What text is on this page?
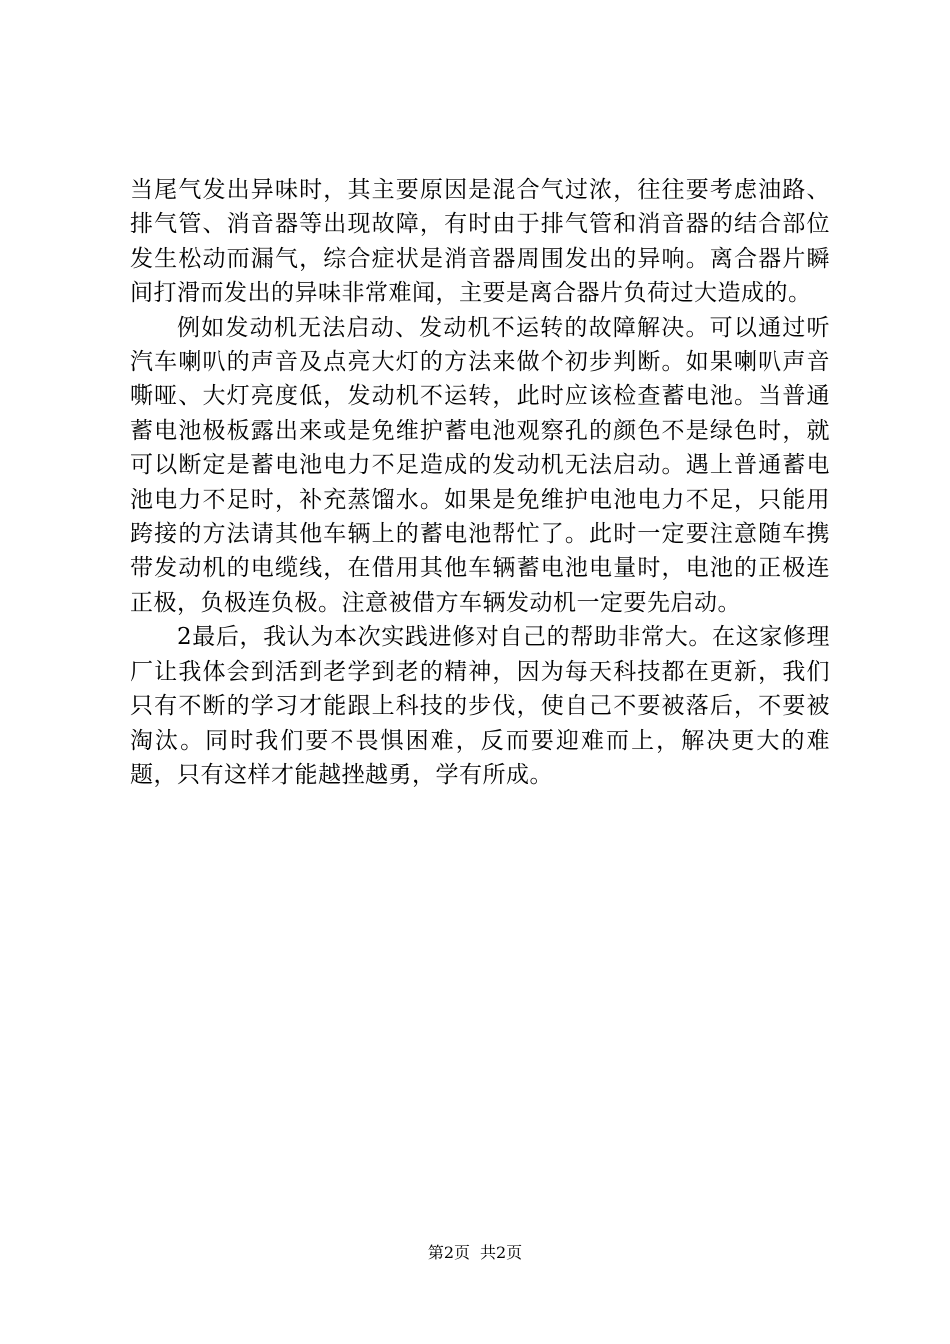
当尾气发出异味时，其主要原因是混合气过浓，往往要考虑油路、排气管、消音器等出现故障，有时由于排气管和消音器的结合部位发生松动而漏气，综合症状是消音器周围发出的异响。离合器片瞬间打滑而发出的异味非常难闻，主要是离合器片负荷过大造成的。

例如发动机无法启动、发动机不运转的故障解决。可以通过听汽车喇叭的声音及点亮大灯的方法来做个初步判断。如果喇叭声音嘶哑、大灯亮度低，发动机不运转，此时应该检查蓄电池。当普通蓄电池极板露出来或是免维护蓄电池观察孔的颜色不是绿色时，就可以断定是蓄电池电力不足造成的发动机无法启动。遇上普通蓄电池电力不足时，补充蒸馏水。如果是免维护电池电力不足，只能用跨接的方法请其他车辆上的蓄电池帮忙了。此时一定要注意随车携带发动机的电缆线，在借用其他车辆蓄电池电量时，电池的正极连正极，负极连负极。注意被借方车辆发动机一定要先启动。

2最后，我认为本次实践进修对自己的帮助非常大。在这家修理厂让我体会到活到老学到老的精神，因为每天科技都在更新，我们只有不断的学习才能跟上科技的步伐，使自己不要被落后，不要被淘汰。同时我们要不畏惧困难，反而要迎难而上，解决更大的难题，只有这样才能越挫越勇，学有所成。

第2页 共2页
